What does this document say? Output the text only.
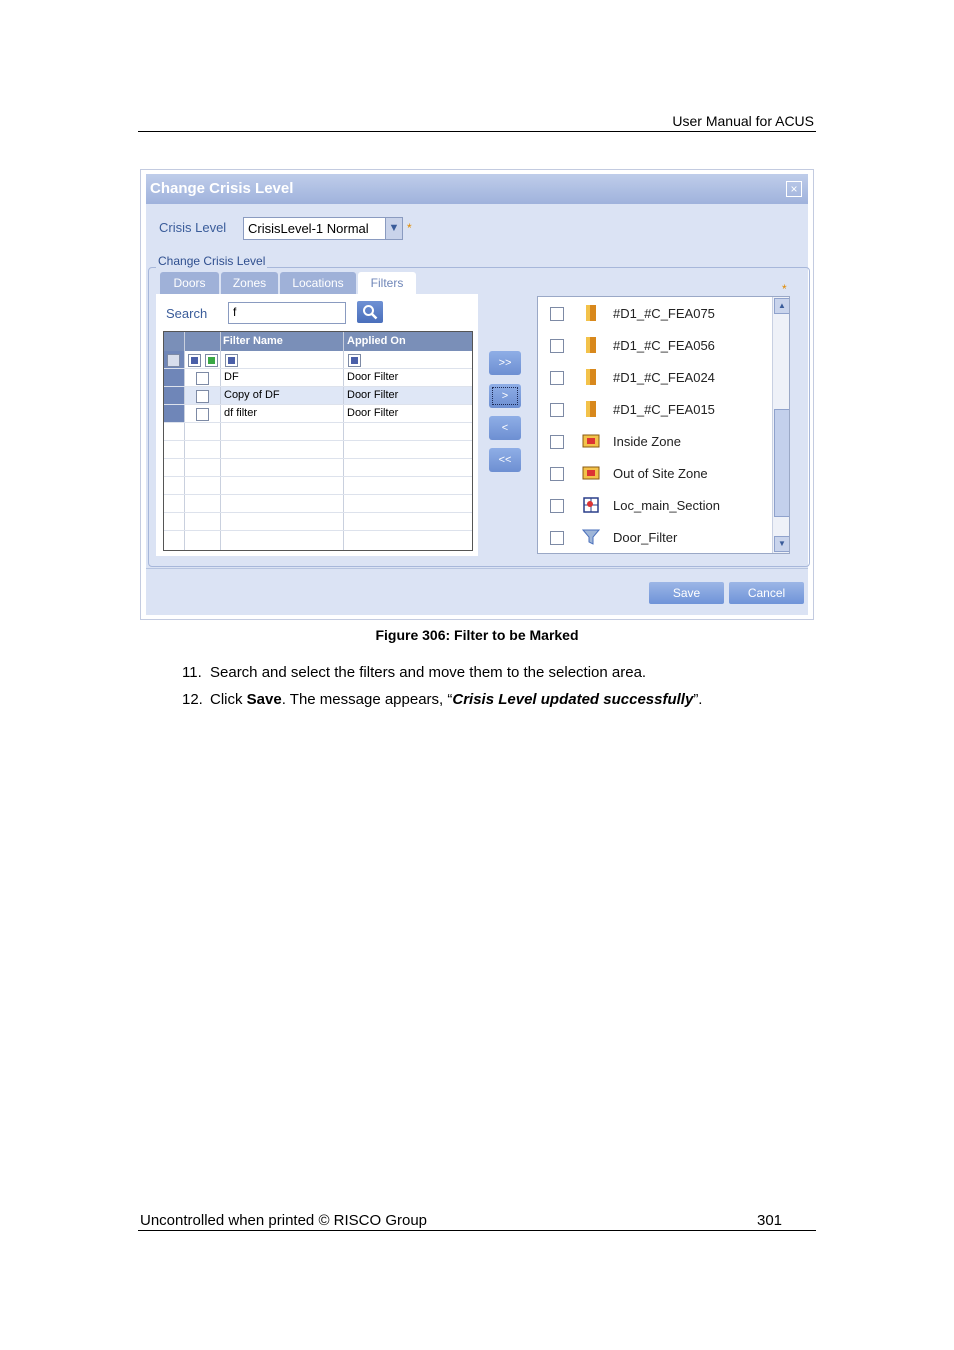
User Manual for ACUS
Change Crisis Level	×
Crisis Level CrisisLevel-1 Normal	▼ *
Change Crisis Level
*
Doors	Zones	Locations	Filters
Search f
Filter Name	Applied On
DF	Door Filter
Copy of DF	Door Filter
df filter	Door Filter
>>
>
<
<<
#D1_#C_FEA075
#D1_#C_FEA056
#D1_#C_FEA024
#D1_#C_FEA015
Inside Zone
Out of Site Zone
Loc_main_Section
Door_Filter
▲
▼
Save	Cancel
Figure 306: Filter to be Marked
11. Search and select the filters and move them to the selection area.
12. Click Save. The message appears, “Crisis Level updated successfully”.
Uncontrolled when printed © RISCO Group	301
